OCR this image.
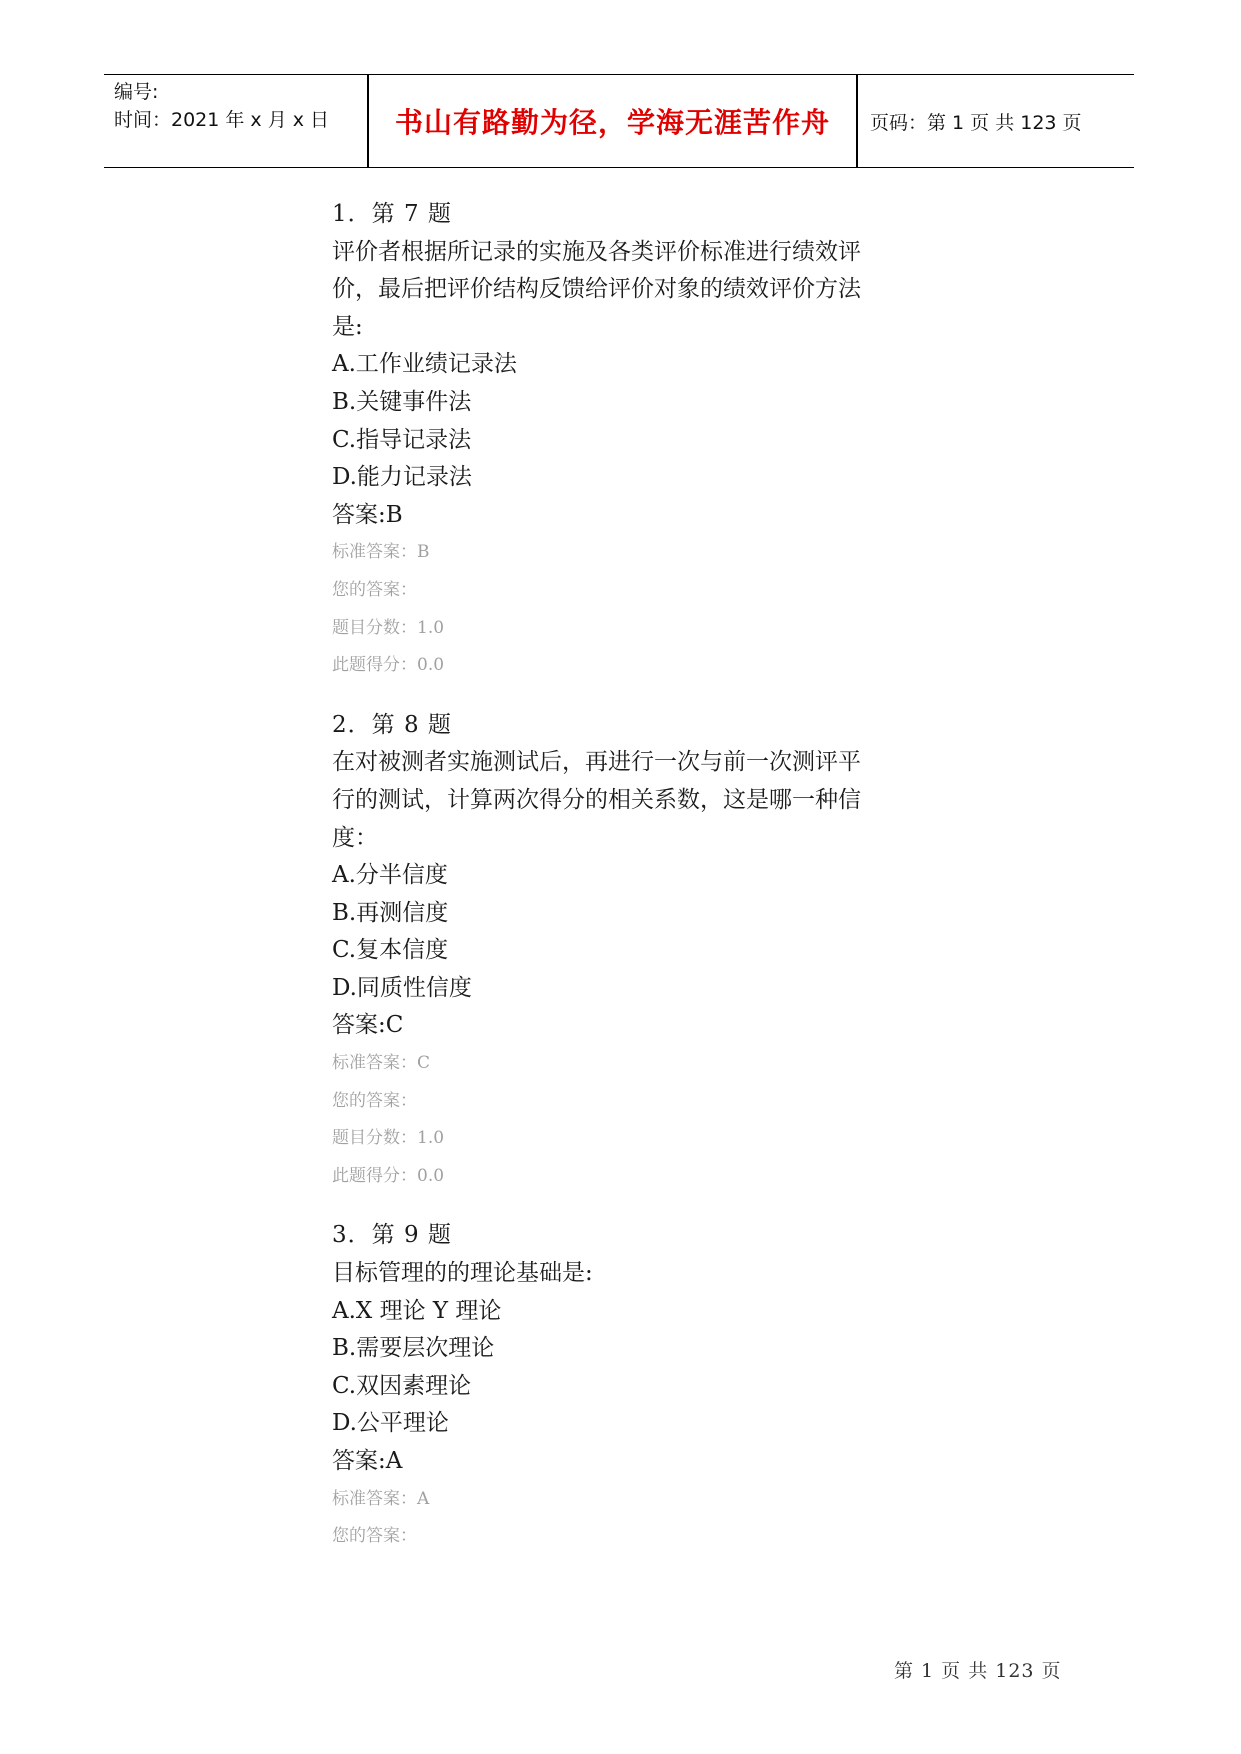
编号:
时间：2021 年 x 月 x 日	书山有路勤为径，学海无涯苦作舟	页码：第 1 页 共 123 页
1．第 7 题
评价者根据所记录的实施及各类评价标准进行绩效评
价，最后把评价结构反馈给评价对象的绩效评价方法
是:
A.工作业绩记录法
B.关键事件法
C.指导记录法
D.能力记录法
答案:B
标准答案：B
您的答案：
题目分数：1.0
此题得分：0.0
2．第 8 题
在对被测者实施测试后，再进行一次与前一次测评平
行的测试，计算两次得分的相关系数，这是哪一种信
度：
A.分半信度
B.再测信度
C.复本信度
D.同质性信度
答案:C
标准答案：C
您的答案：
题目分数：1.0
此题得分：0.0
3．第 9 题
目标管理的的理论基础是:
A.X 理论 Y 理论
B.需要层次理论
C.双因素理论
D.公平理论
答案:A
标准答案：A
您的答案：
第 1 页 共 123 页
